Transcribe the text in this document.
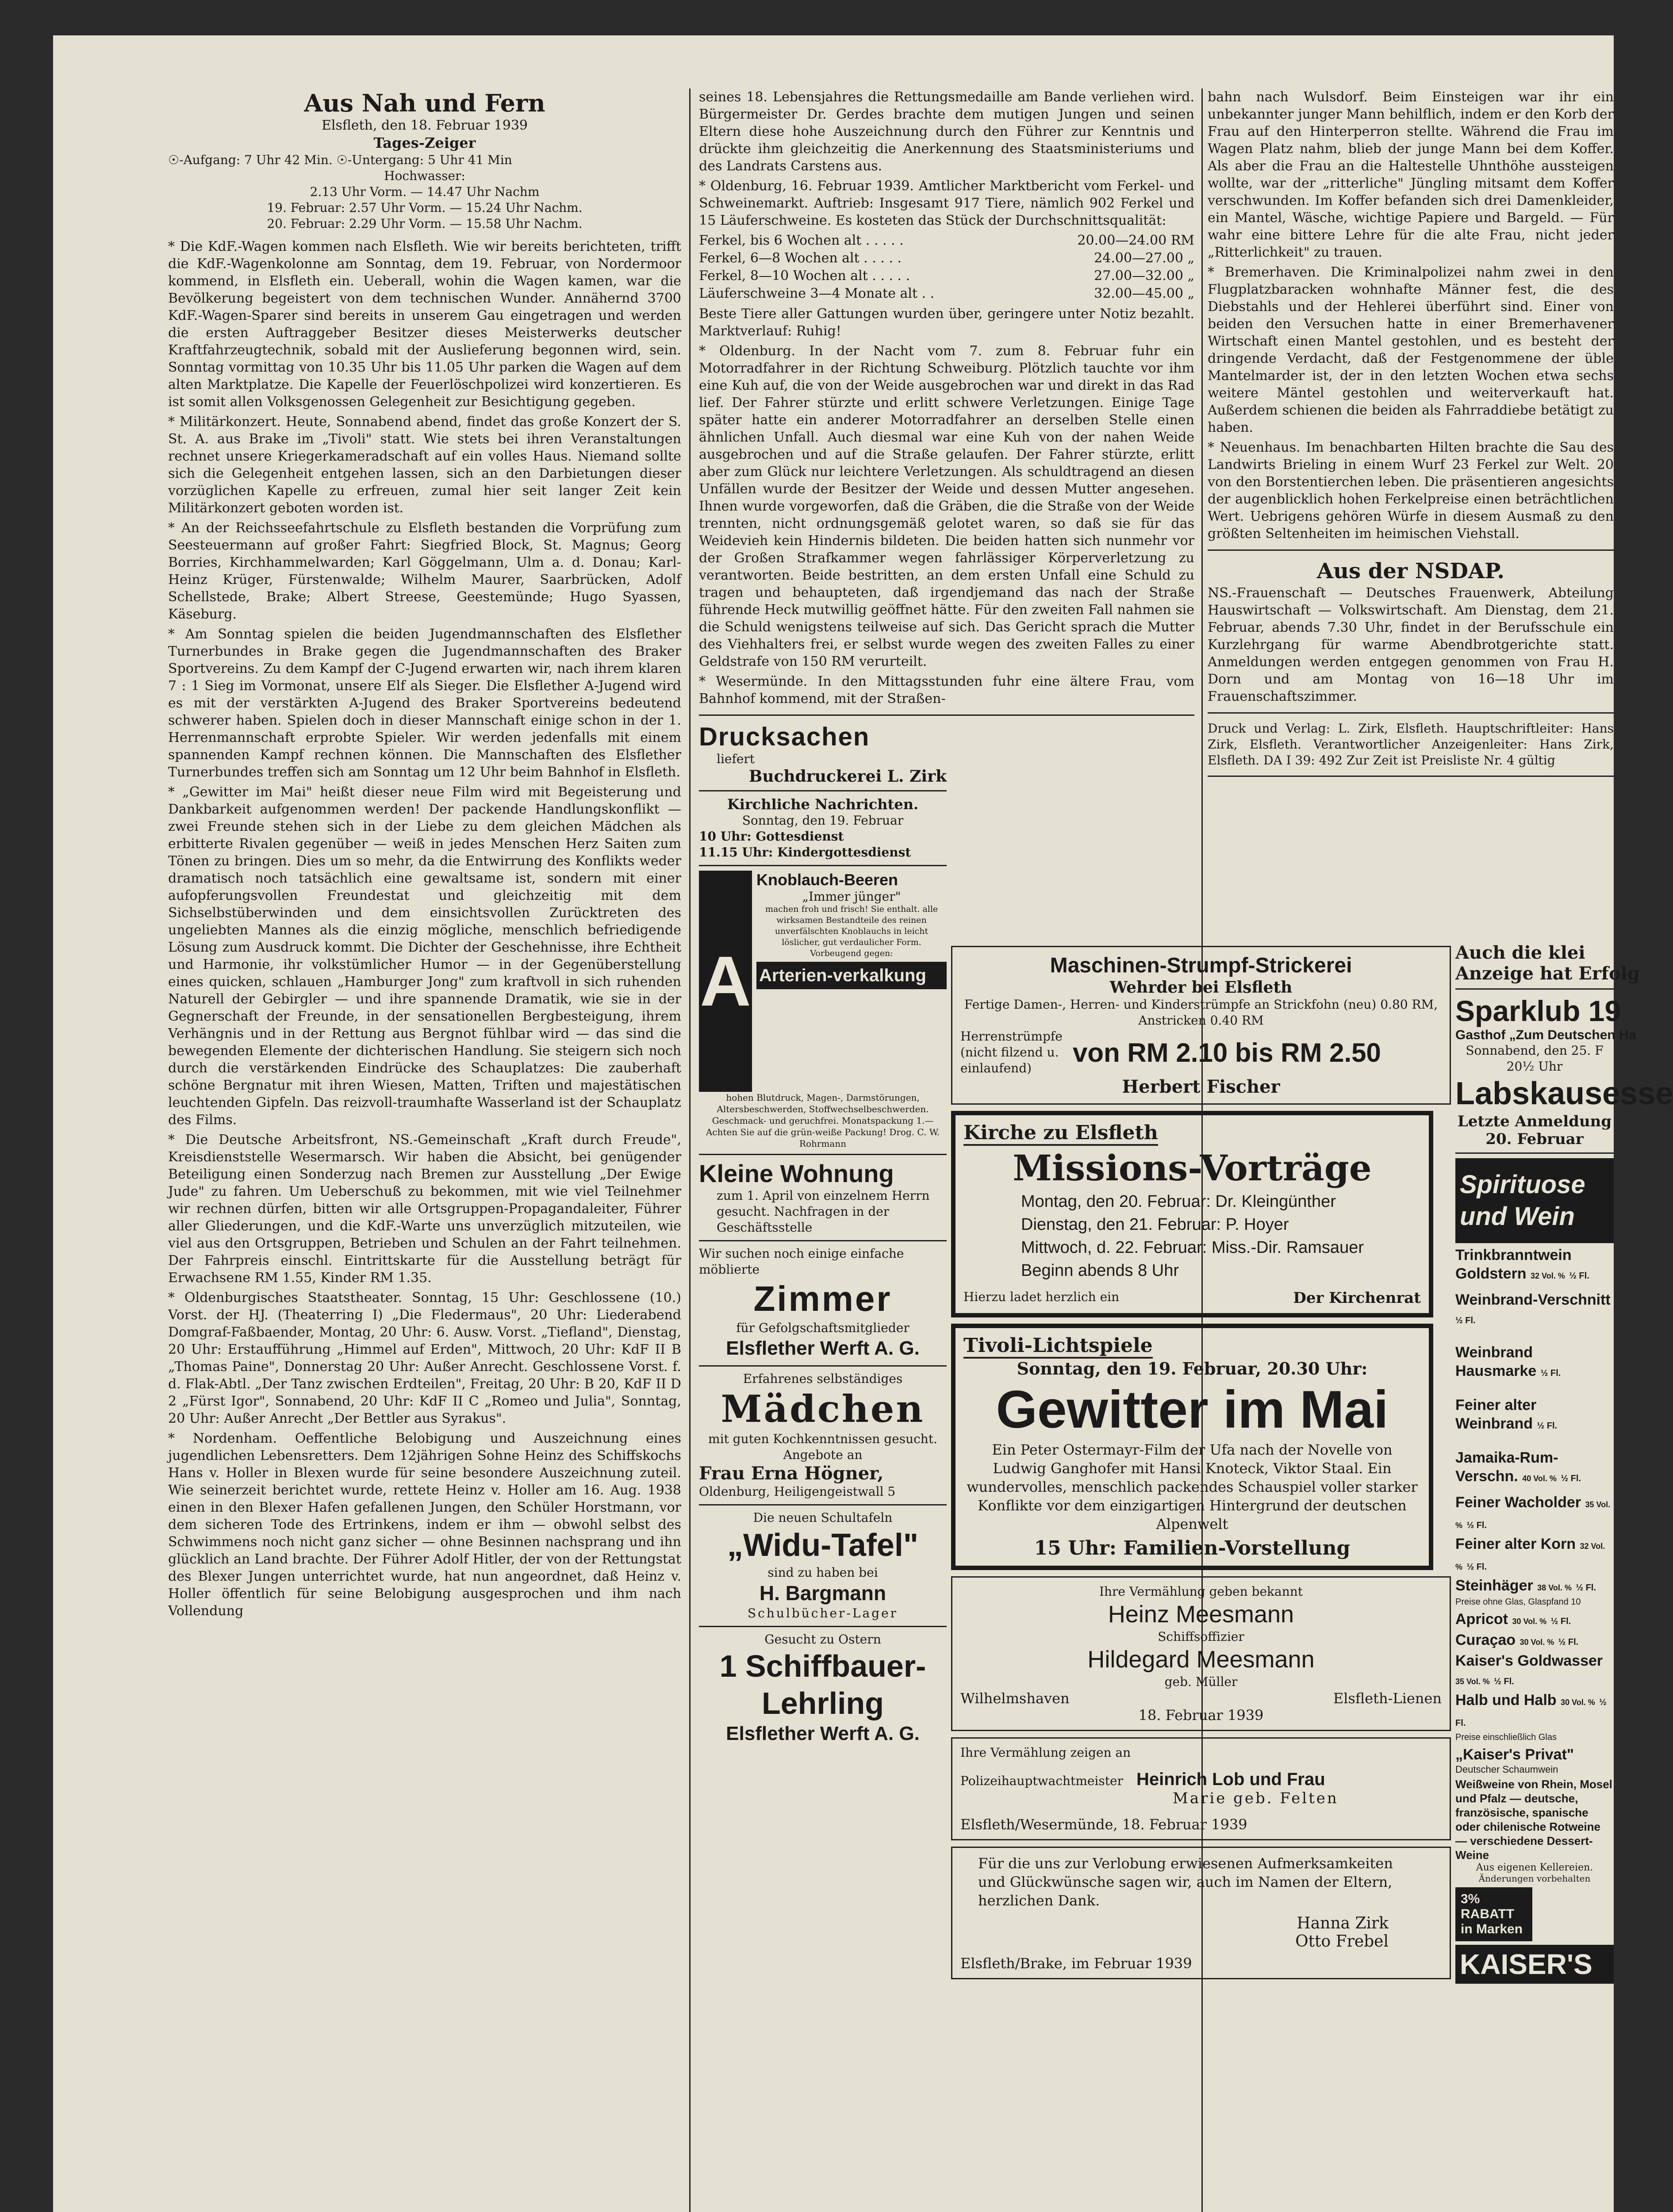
Aus Nah und Fern
Elsfleth, den 18. Februar 1939
Tages-Zeiger
☉-Aufgang: 7 Uhr 42 Min. ☉-Untergang: 5 Uhr 41 Min
Hochwasser:
2.13 Uhr Vorm. — 14.47 Uhr Nachm
19. Februar: 2.57 Uhr Vorm. — 15.24 Uhr Nachm.
20. Februar: 2.29 Uhr Vorm. — 15.58 Uhr Nachm.

* Die KdF.-Wagen kommen nach Elsfleth. Wie wir bereits berichteten, trifft die KdF.-Wagenkolonne am Sonntag, dem 19. Februar, von Nordermoor kommend, in Elsfleth ein. Ueberall, wohin die Wagen kamen, war die Bevölkerung begeistert von dem technischen Wunder. Annähernd 3700 KdF.-Wagen-Sparer sind bereits in unserem Gau eingetragen und werden die ersten Auftraggeber Besitzer dieses Meisterwerks deutscher Kraftfahrzeugtechnik, sobald mit der Auslieferung begonnen wird, sein. Sonntag vormittag von 10.35 Uhr bis 11.05 Uhr parken die Wagen auf dem alten Marktplatze. Die Kapelle der Feuerlöschpolizei wird konzertieren. Es ist somit allen Volksgenossen Gelegenheit zur Besichtigung gegeben.

* Militärkonzert. Heute, Sonnabend abend, findet das große Konzert der S. St. A. aus Brake im „Tivoli" statt. Wie stets bei ihren Veranstaltungen rechnet unsere Kriegerkameradschaft auf ein volles Haus. Niemand sollte sich die Gelegenheit entgehen lassen, sich an den Darbietungen dieser vorzüglichen Kapelle zu erfreuen, zumal hier seit langer Zeit kein Militärkonzert geboten worden ist.

* An der Reichsseefahrtschule zu Elsfleth bestanden die Vorprüfung zum Seesteuermann auf großer Fahrt: Siegfried Block, St. Magnus; Georg Borries, Kirchhammelwarden; Karl Göggelmann, Ulm a. d. Donau; Karl-Heinz Krüger, Fürstenwalde; Wilhelm Maurer, Saarbrücken, Adolf Schellstede, Brake; Albert Streese, Geestemünde; Hugo Syassen, Käseburg.

* Am Sonntag spielen die beiden Jugendmannschaften des Elsflether Turnerbundes in Brake gegen die Jugendmannschaften des Braker Sportvereins. Zu dem Kampf der C-Jugend erwarten wir, nach ihrem klaren 7 : 1 Sieg im Vormonat, unsere Elf als Sieger. Die Elsflether A-Jugend wird es mit der verstärkten A-Jugend des Braker Sportvereins bedeutend schwerer haben. Spielen doch in dieser Mannschaft einige schon in der 1. Herrenmannschaft erprobte Spieler. Wir werden jedenfalls mit einem spannenden Kampf rechnen können. Die Mannschaften des Elsflether Turnerbundes treffen sich am Sonntag um 12 Uhr beim Bahnhof in Elsfleth.

* „Gewitter im Mai" heißt dieser neue Film wird mit Begeisterung und Dankbarkeit aufgenommen werden! Der packende Handlungskonflikt — zwei Freunde stehen sich in der Liebe zu dem gleichen Mädchen als erbitterte Rivalen gegenüber — weiß in jedes Menschen Herz Saiten zum Tönen zu bringen. Dies um so mehr, da die Entwirrung des Konflikts weder dramatisch noch tatsächlich eine gewaltsame ist, sondern mit einer aufopferungsvollen Freundestat und gleichzeitig mit dem Sichselbstüberwinden und dem einsichtsvollen Zurücktreten des ungeliebten Mannes als die einzig mögliche, menschlich befriedigende Lösung zum Ausdruck kommt. Die Dichter der Geschehnisse, ihre Echtheit und Harmonie, ihr volkstümlicher Humor — in der Gegenüberstellung eines quicken, schlauen „Hamburger Jong" zum kraftvoll in sich ruhenden Naturell der Gebirgler — und ihre spannende Dramatik, wie sie in der Gegnerschaft der Freunde, in der sensationellen Bergbesteigung, ihrem Verhängnis und in der Rettung aus Bergnot fühlbar wird — das sind die bewegenden Elemente der dichterischen Handlung. Sie steigern sich noch durch die verstärkenden Eindrücke des Schauplatzes: Die zauberhaft schöne Bergnatur mit ihren Wiesen, Matten, Triften und majestätischen leuchtenden Gipfeln. Das reizvoll-traumhafte Wasserland ist der Schauplatz des Films.

* Die Deutsche Arbeitsfront, NS.-Gemeinschaft „Kraft durch Freude", Kreisdienststelle Wesermarsch. Wir haben die Absicht, bei genügender Beteiligung einen Sonderzug nach Bremen zur Ausstellung „Der Ewige Jude" zu fahren. Um Ueberschuß zu bekommen, mit wie viel Teilnehmer wir rechnen dürfen, bitten wir alle Ortsgruppen-Propagandaleiter, Führer aller Gliederungen, und die KdF.-Warte uns unverzüglich mitzuteilen, wie viel aus den Ortsgruppen, Betrieben und Schulen an der Fahrt teilnehmen. Der Fahrpreis einschl. Eintrittskarte für die Ausstellung beträgt für Erwachsene RM 1.55, Kinder RM 1.35.

* Oldenburgisches Staatstheater. Sonntag, 15 Uhr: Geschlossene (10.) Vorst. der HJ. (Theaterring I) „Die Fledermaus", 20 Uhr: Liederabend Domgraf-Faßbaender, Montag, 20 Uhr: 6. Ausw. Vorst. „Tiefland", Dienstag, 20 Uhr: Erstaufführung „Himmel auf Erden", Mittwoch, 20 Uhr: KdF II B „Thomas Paine", Donnerstag 20 Uhr: Außer Anrecht. Geschlossene Vorst. f. d. Flak-Abtl. „Der Tanz zwischen Erdteilen", Freitag, 20 Uhr: B 20, KdF II D 2 „Fürst Igor", Sonnabend, 20 Uhr: KdF II C „Romeo und Julia", Sonntag, 20 Uhr: Außer Anrecht „Der Bettler aus Syrakus".

* Nordenham. Oeffentliche Belobigung und Auszeichnung eines jugendlichen Lebensretters. Dem 12jährigen Sohne Heinz des Schiffskochs Hans v. Holler in Blexen wurde für seine besondere Auszeichnung zuteil. Wie seinerzeit berichtet wurde, rettete Heinz v. Holler am 16. Aug. 1938 einen in den Blexer Hafen gefallenen Jungen, den Schüler Horstmann, vor dem sicheren Tode des Ertrinkens, indem er ihm — obwohl selbst des Schwimmens noch nicht ganz sicher — ohne Besinnen nachsprang und ihn glücklich an Land brachte. Der Führer Adolf Hitler, der von der Rettungstat des Blexer Jungen unterrichtet wurde, hat nun angeordnet, daß Heinz v. Holler öffentlich für seine Belobigung ausgesprochen und ihm nach Vollendung

seines 18. Lebensjahres die Rettungsmedaille am Bande verliehen wird. Bürgermeister Dr. Gerdes brachte dem mutigen Jungen und seinen Eltern diese hohe Auszeichnung durch den Führer zur Kenntnis und drückte ihm gleichzeitig die Anerkennung des Staatsministeriums und des Landrats Carstens aus.

* Oldenburg, 16. Februar 1939. Amtlicher Marktbericht vom Ferkel- und Schweinemarkt. Auftrieb: Insgesamt 917 Tiere, nämlich 902 Ferkel und 15 Läuferschweine. Es kosteten das Stück der Durchschnittsqualität:

Ferkel, bis 6 Wochen alt . . . . .	20.00—24.00 RM
Ferkel, 6—8 Wochen alt . . . . .	24.00—27.00 „
Ferkel, 8—10 Wochen alt . . . . .	27.00—32.00 „
Läuferschweine 3—4 Monate alt . .	32.00—45.00 „

Beste Tiere aller Gattungen wurden über, geringere unter Notiz bezahlt. Marktverlauf: Ruhig!

* Oldenburg. In der Nacht vom 7. zum 8. Februar fuhr ein Motorradfahrer in der Richtung Schweiburg. Plötzlich tauchte vor ihm eine Kuh auf, die von der Weide ausgebrochen war und direkt in das Rad lief. Der Fahrer stürzte und erlitt schwere Verletzungen. Einige Tage später hatte ein anderer Motorradfahrer an derselben Stelle einen ähnlichen Unfall. Auch diesmal war eine Kuh von der nahen Weide ausgebrochen und auf die Straße gelaufen. Der Fahrer stürzte, erlitt aber zum Glück nur leichtere Verletzungen. Als schuldtragend an diesen Unfällen wurde der Besitzer der Weide und dessen Mutter angesehen. Ihnen wurde vorgeworfen, daß die Gräben, die die Straße von der Weide trennten, nicht ordnungsgemäß gelotet waren, so daß sie für das Weidevieh kein Hindernis bildeten. Die beiden hatten sich nunmehr vor der Großen Strafkammer wegen fahrlässiger Körperverletzung zu verantworten. Beide bestritten, an dem ersten Unfall eine Schuld zu tragen und behaupteten, daß irgendjemand das nach der Straße führende Heck mutwillig geöffnet hätte. Für den zweiten Fall nahmen sie die Schuld wenigstens teilweise auf sich. Das Gericht sprach die Mutter des Viehhalters frei, er selbst wurde wegen des zweiten Falles zu einer Geldstrafe von 150 RM verurteilt.

* Wesermünde. In den Mittagsstunden fuhr eine ältere Frau, vom Bahnhof kommend, mit der Straßen-

Drucksachen
liefert
Buchdruckerei L. Zirk
Kirchliche Nachrichten.
Sonntag, den 19. Februar
10 Uhr: Gottesdienst
11.15 Uhr: Kindergottesdienst
A
Knoblauch-Beeren
„Immer jünger"
machen froh und frisch! Sie enthalt. alle wirksamen Bestandteile des reinen unverfälschten Knoblauchs in leicht löslicher, gut verdaulicher Form. Vorbeugend gegen:
Arterien-verkalkung
hohen Blutdruck, Magen-, Darmstörungen, Altersbeschwerden, Stoffwechselbeschwerden. Geschmack- und geruchfrei. Monatspackung 1.— Achten Sie auf die grün-weiße Packung! Drog. C. W. Rohrmann
Kleine Wohnung
zum 1. April von einzelnem Herrn gesucht. Nachfragen in der Geschäftsstelle
Wir suchen noch einige einfache möblierte
Zimmer
für Gefolgschaftsmitglieder
Elsflether Werft A. G.
Erfahrenes selbständiges
Mädchen
mit guten Kochkenntnissen gesucht. Angebote an
Frau Erna Högner,
Oldenburg, Heiligengeistwall 5
Die neuen Schultafeln
„Widu-Tafel"
sind zu haben bei
H. Bargmann
Schulbücher-Lager
Gesucht zu Ostern
1 Schiffbauer-Lehrling
Elsflether Werft A. G.
Maschinen-Strumpf-Strickerei
Wehrder bei Elsfleth
Fertige Damen-, Herren- und Kinderstrümpfe an Strickfohn (neu) 0.80 RM, Anstricken 0.40 RM
Herrenstrümpfe (nicht filzend u. einlaufend)
von RM 2.10 bis RM 2.50
Herbert Fischer
Kirche zu Elsfleth
Missions-Vorträge
Montag, den 20. Februar: Dr. Kleingünther
Dienstag, den 21. Februar: P. Hoyer
Mittwoch, d. 22. Februar: Miss.-Dir. Ramsauer
Beginn abends 8 Uhr
Hierzu ladet herzlich ein	Der Kirchenrat
Tivoli-Lichtspiele
Sonntag, den 19. Februar, 20.30 Uhr:
Gewitter im Mai
Ein Peter Ostermayr-Film der Ufa nach der Novelle von Ludwig Ganghofer mit Hansi Knoteck, Viktor Staal. Ein wundervolles, menschlich packendes Schauspiel voller starker Konflikte vor dem einzigartigen Hintergrund der deutschen Alpenwelt
15 Uhr: Familien-Vorstellung
Ihre Vermählung geben bekannt
Heinz Meesmann
Schiffsoffizier
Hildegard Meesmann
geb. Müller
Wilhelmshaven	Elsfleth-Lienen
18. Februar 1939
Ihre Vermählung zeigen an
Polizeihauptwachtmeister Heinrich Lob und Frau
Marie geb. Felten
Elsfleth/Wesermünde, 18. Februar 1939
Für die uns zur Verlobung erwiesenen Aufmerksamkeiten und Glückwünsche sagen wir, auch im Namen der Eltern, herzlichen Dank.
Hanna Zirk
Otto Frebel
Elsfleth/Brake, im Februar 1939

bahn nach Wulsdorf. Beim Einsteigen war ihr ein unbekannter junger Mann behilflich, indem er den Korb der Frau auf den Hinterperron stellte. Während die Frau im Wagen Platz nahm, blieb der junge Mann bei dem Koffer. Als aber die Frau an die Haltestelle Uhnthöhe aussteigen wollte, war der „ritterliche" Jüngling mitsamt dem Koffer verschwunden. Im Koffer befanden sich drei Damenkleider, ein Mantel, Wäsche, wichtige Papiere und Bargeld. — Für wahr eine bittere Lehre für die alte Frau, nicht jeder „Ritterlichkeit" zu trauen.

* Bremerhaven. Die Kriminalpolizei nahm zwei in den Flugplatzbaracken wohnhafte Männer fest, die des Diebstahls und der Hehlerei überführt sind. Einer von beiden den Versuchen hatte in einer Bremerhavener Wirtschaft einen Mantel gestohlen, und es besteht der dringende Verdacht, daß der Festgenommene der üble Mantelmarder ist, der in den letzten Wochen etwa sechs weitere Mäntel gestohlen und weiterverkauft hat. Außerdem schienen die beiden als Fahrraddiebe betätigt zu haben.

* Neuenhaus. Im benachbarten Hilten brachte die Sau des Landwirts Brieling in einem Wurf 23 Ferkel zur Welt. 20 von den Borstentierchen leben. Die präsentieren angesichts der augenblicklich hohen Ferkelpreise einen beträchtlichen Wert. Uebrigens gehören Würfe in diesem Ausmaß zu den größten Seltenheiten im heimischen Viehstall.

Aus der NSDAP.

NS.-Frauenschaft — Deutsches Frauenwerk, Abteilung Hauswirtschaft — Volkswirtschaft. Am Dienstag, dem 21. Februar, abends 7.30 Uhr, findet in der Berufsschule ein Kurzlehrgang für warme Abendbrotgerichte statt. Anmeldungen werden entgegen genommen von Frau H. Dorn und am Montag von 16—18 Uhr im Frauenschaftszimmer.

Druck und Verlag: L. Zirk, Elsfleth. Hauptschriftleiter: Hans Zirk, Elsfleth. Verantwortlicher Anzeigenleiter: Hans Zirk, Elsfleth. DA I 39: 492 Zur Zeit ist Preisliste Nr. 4 gültig

Auch die klei
Anzeige hat Erfolg
Sparklub 19
Gasthof „Zum Deutschen Ha
Sonnabend, den 25. F
20½ Uhr
Labskausesse
Letzte Anmeldung
20. Februar
Spirituose und Wein
Trinkbranntwein Goldstern 32 Vol. % ½ Fl.
Weinbrand-Verschnitt ½ Fl.
Weinbrand Hausmarke ½ Fl.
Feiner alter Weinbrand ½ Fl.
Jamaika-Rum-Verschn. 40 Vol. % ½ Fl.
Feiner Wacholder 35 Vol. % ½ Fl.
Feiner alter Korn 32 Vol. % ½ Fl.
Steinhäger 38 Vol. % ½ Fl.
Preise ohne Glas, Glaspfand 10
Apricot 30 Vol. % ½ Fl.
Curaçao 30 Vol. % ½ Fl.
Kaiser's Goldwasser 35 Vol. % ½ Fl.
Halb und Halb 30 Vol. % ½ Fl.
Preise einschließlich Glas
„Kaiser's Privat"
Deutscher Schaumwein
Weißweine von Rhein, Mosel und Pfalz — deutsche, französische, spanische oder chilenische Rotweine — verschiedene Dessert-Weine
Aus eigenen Kellereien.
Änderungen vorbehalten
3% RABATT in Marken
KAISER'S
